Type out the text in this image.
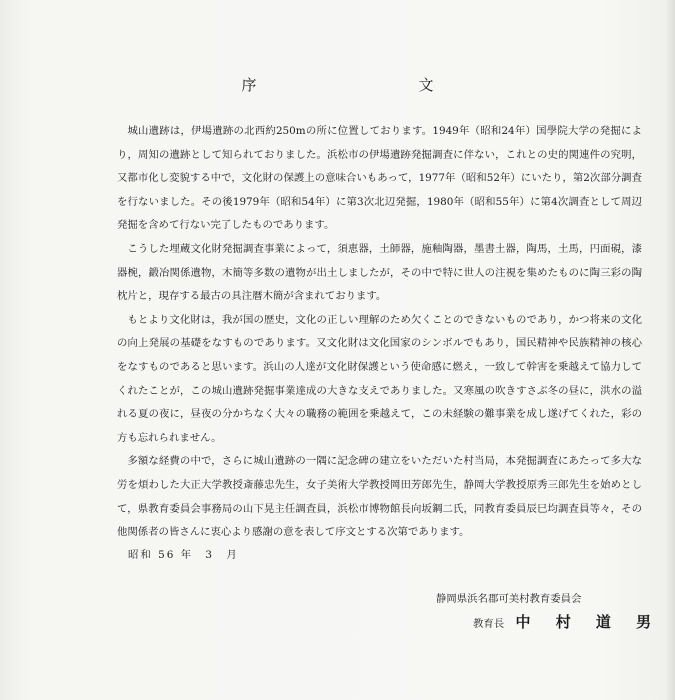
序　　文

城山遺跡は，伊場遺跡の北西約250mの所に位置しております。1949年（昭和24年）国學院大学の発掘により，周知の遺跡として知られておりました。浜松市の伊場遺跡発掘調査に伴ない，これとの史的関連件の究明，又都市化し変貌する中で，文化財の保護上の意味合いもあって，1977年（昭和52年）にいたり，第2次部分調査を行ないました。その後1979年（昭和54年）に第3次北辺発掘，1980年（昭和55年）に第4次調査として周辺発掘を含めて行ない完了したものであります。

こうした埋蔵文化財発掘調査事業によって，須恵器，土師器，施釉陶器，墨書土器，陶馬，土馬，円面硯，漆器椀，鍛冶関係遺物，木簡等多数の遺物が出土しましたが，その中で特に世人の注視を集めたものに陶三彩の陶枕片と，現存する最古の具注暦木簡が含まれております。

もとより文化財は，我が国の歴史，文化の正しい理解のため欠くことのできないものであり，かつ将来の文化の向上発展の基礎をなすものであります。又文化財は文化国家のシンボルでもあり，国民精神や民族精神の核心をなすものであると思います。浜山の人達が文化財保護という使命感に燃え，一致して幹害を乗越えて協力してくれたことが，この城山遺跡発掘事業達成の大きな支えでありました。又寒風の吹きすさぶ冬の昼に，洪水の溢れる夏の夜に，昼夜の分かちなく大々の職務の範囲を乗越えて，この未経験の難事業を成し遂げてくれた，彩の方も忘れられません。

多額な経費の中で，さらに城山遺跡の一隅に記念碑の建立をいただいた村当局，本発掘調査にあたって多大な労を煩わした大正大学教授斎藤忠先生，女子美術大学教授岡田芳郎先生，静岡大学教授原秀三郎先生を始めとして，県教育委員会事務局の山下晃主任調査員，浜松市博物館長向坂鋼二氏，同教育委員辰巳均調査員等々，その他関係者の皆さんに衷心より感謝の意を表して序文とする次第であります。

昭和 56 年　3　月
静岡県浜名郡可美村教育委員会
教育長 中 村 道 男
